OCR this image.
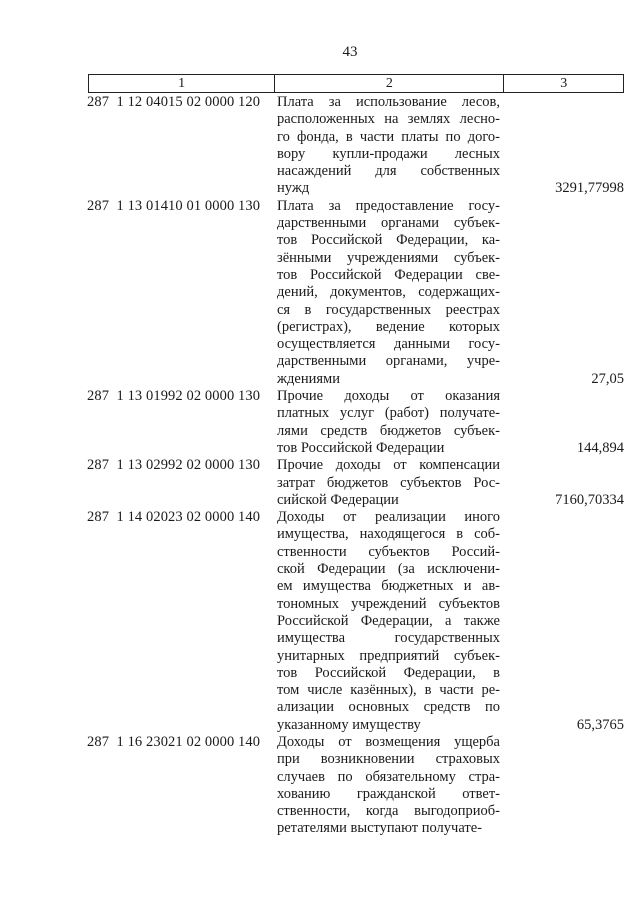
43
1	2	3
287  1 12 04015 02 0000 120 Плата за использование лесов,
расположенных на землях лесно-
го фонда, в части платы по дого-
вору купли-продажи лесных
насаждений для собственных
нужд	3291,77998
287  1 13 01410 01 0000 130 Плата за предоставление госу-
дарственными органами субъек-
тов Российской Федерации, ка-
зёнными учреждениями субъек-
тов Российской Федерации све-
дений, документов, содержащих-
ся в государственных реестрах
(регистрах), ведение которых
осуществляется данными госу-
дарственными органами, учре-
ждениями	27,05
287  1 13 01992 02 0000 130 Прочие доходы от оказания
платных услуг (работ) получате-
лями средств бюджетов субъек-
тов Российской Федерации	144,894
287  1 13 02992 02 0000 130 Прочие доходы от компенсации
затрат бюджетов субъектов Рос-
сийской Федерации	7160,70334
287  1 14 02023 02 0000 140 Доходы от реализации иного
имущества, находящегося в соб-
ственности субъектов Россий-
ской Федерации (за исключени-
ем имущества бюджетных и ав-
тономных учреждений субъектов
Российской Федерации, а также
имущества государственных
унитарных предприятий субъек-
тов Российской Федерации, в
том числе казённых), в части ре-
ализации основных средств по
указанному имуществу	65,3765
287  1 16 23021 02 0000 140 Доходы от возмещения ущерба
при возникновении страховых
случаев по обязательному стра-
хованию гражданской ответ-
ственности, когда выгодоприоб-
ретателями выступают получате-
